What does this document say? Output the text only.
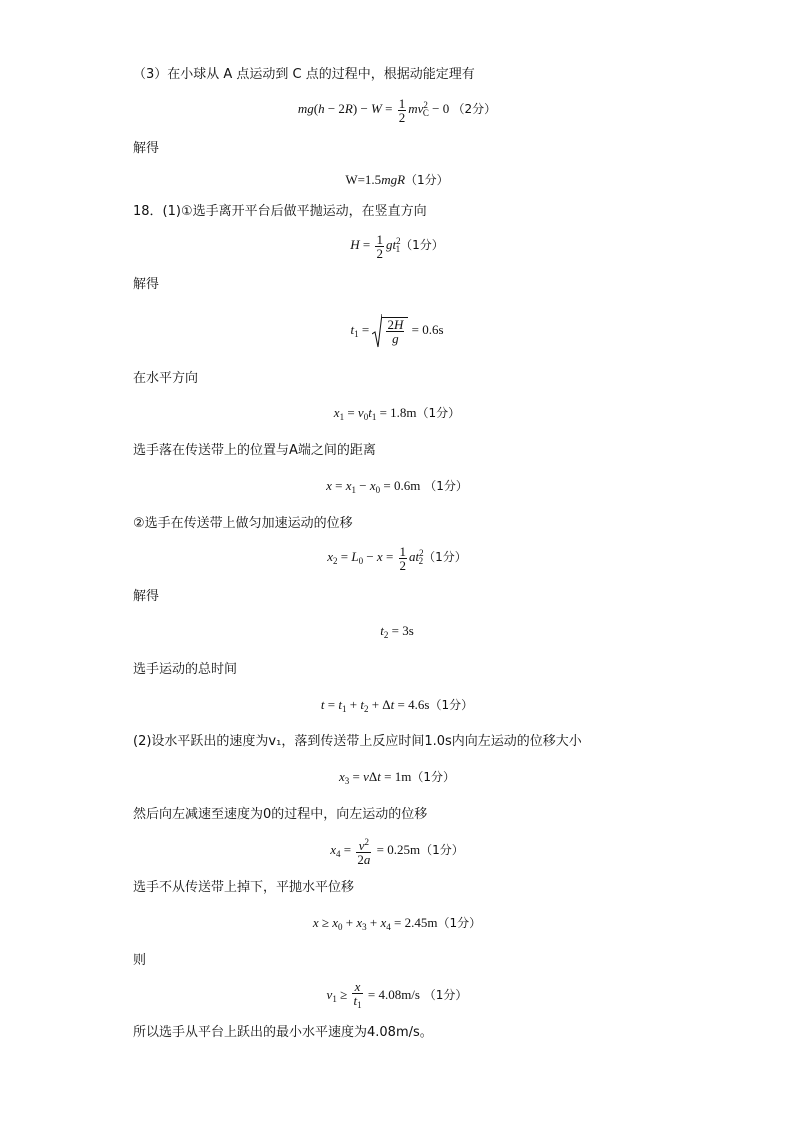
（3）在小球从 A 点运动到 C 点的过程中，根据动能定理有
$mg(h - 2R) - W = \frac{1}{2} mv^2_C - 0$ （2分）
解得
W=1.5mgR（1分）
18．(1)①选手离开平台后做平抛运动，在竖直方向
$H = \frac{1}{2} gt^2_1(1$分）
解得
$t_1 = \frac{2H}{g} = 0.6s$
在水平方向
$x_1 = v_0t_1 = 1.8m(1$分）
选手落在传送带上的位置与A端之间的距离
$x = x_1 - x_0 = 0.6m$ （1分）
②选手在传送带上做匀加速运动的位移
$x_2 = L_0 - x = \frac{1}{2} at^2_2(1$分）
解得
$t_2 = 3s$
选手运动的总时间
$t = t_1 + t_2 + \Delta t = 4.6s(1$分）
(2)设水平跃出的速度为v₁，落到传送带上反应时间1.0s内向左运动的位移大小
$x_3 = v\Delta t = 1m(1$分）
然后向左减速至速度为0的过程中，向左运动的位移
$x_4 = \frac{v^2}{2a} = 0.25m(1$分）
选手不从传送带上掉下，平抛水平位移
$x \ge x_0 + x_3 + x_4 = 2.45m(1$分）
则
$v_1 \ge \frac{x}{t_1} = 4.08m/s$ （1分）
所以选手从平台上跃出的最小水平速度为4.08m/s。
